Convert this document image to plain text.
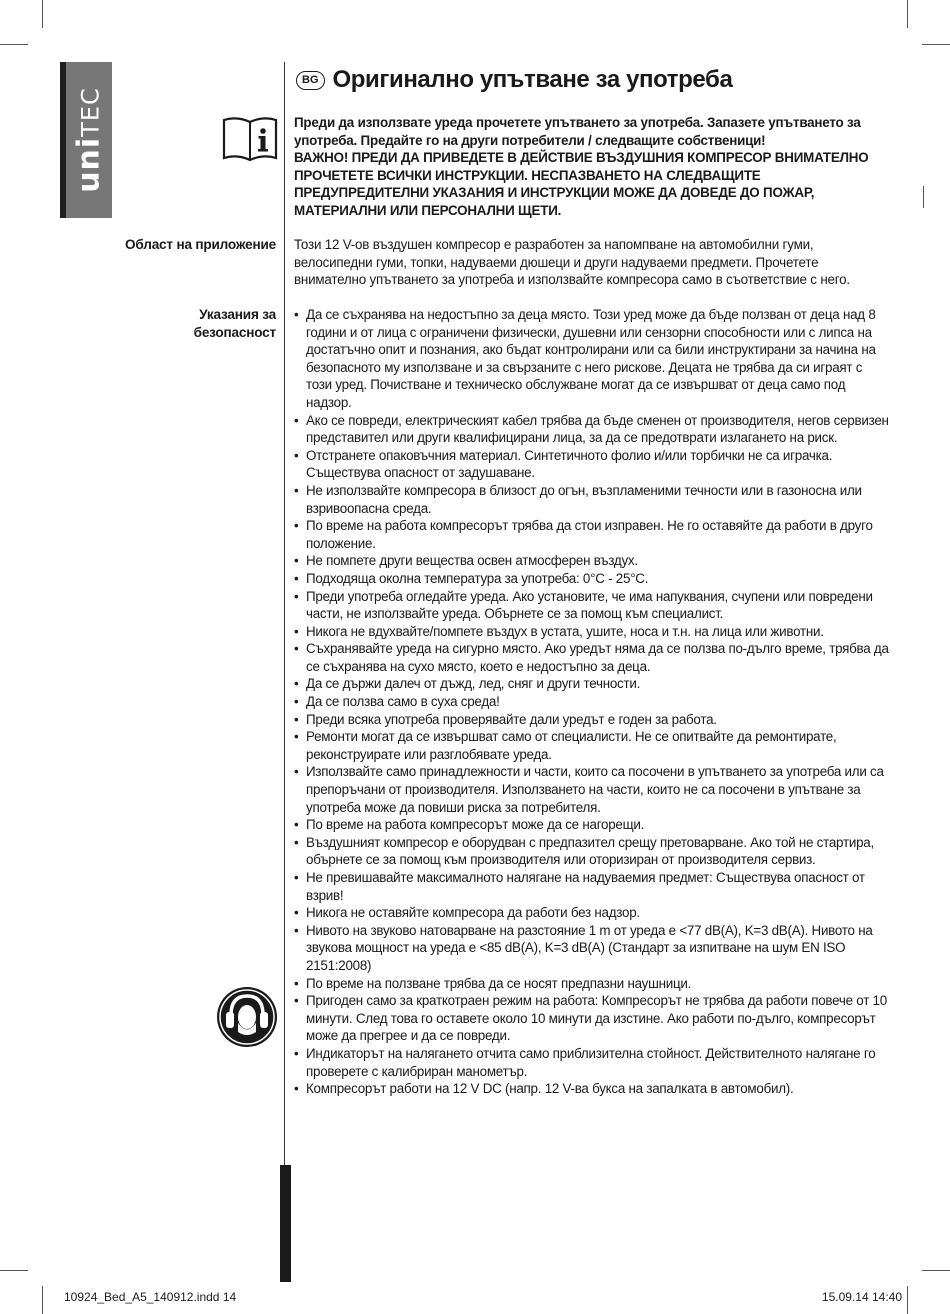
uniTEC
BG Оригинално упътване за употреба

Преди да използвате уреда прочетете упътването за употреба. Запазете упътването за употреба. Предайте го на други потребители / следващите собственици!

ВАЖНО! ПРЕДИ ДА ПРИВЕДЕТЕ В ДЕЙСТВИЕ ВЪЗДУШНИЯ КОМПРЕСОР ВНИМАТЕЛНО ПРОЧЕТЕТЕ ВСИЧКИ ИНСТРУКЦИИ. НЕСПАЗВАНЕТО НА СЛЕДВАЩИТЕ ПРЕДУПРЕДИТЕЛНИ УКАЗАНИЯ И ИНСТРУКЦИИ МОЖЕ ДА ДОВЕДЕ ДО ПОЖАР, МАТЕРИАЛНИ ИЛИ ПЕРСОНАЛНИ ЩЕТИ.

Област на приложение Този 12 V-ов въздушен компресор е разработен за напомпване на автомобилни гуми, велосипедни гуми, топки, надуваеми дюшеци и други надуваеми предмети. Прочетете внимателно упътването за употреба и използвайте компресора само в съответствие с него.
Указания за
безопасност
• Да се съхранява на недостъпно за деца място. Този уред може да бъде ползван от деца над 8 години и от лица с ограничени физически, душевни или сензорни способности или с липса на достатъчно опит и познания, ако бъдат контролирани или са били инструктирани за начина на безопасното му използване и за свързаните с него рискове. Децата не трябва да си играят с този уред. Почистване и техническо обслужване могат да се извършват от деца само под надзор.
• Ако се повреди, електрическият кабел трябва да бъде сменен от производителя, негов сервизен представител или други квалифицирани лица, за да се предотврати излагането на риск.
• Отстранете опаковъчния материал. Синтетичното фолио и/или торбички не са играчка. Съществува опасност от задушаване.
• Не използвайте компресора в близост до огън, възпламеними течности или в газоносна или взривоопасна среда.
• По време на работа компресорът трябва да стои изправен. Не го оставяйте да работи в друго положение.
• Не помпете други вещества освен атмосферен въздух.
• Подходяща околна температура за употреба: 0°C - 25°C.
• Преди употреба огледайте уреда. Ако установите, че има напуквания, счупени или повредени части, не използвайте уреда. Обърнете се за помощ към специалист.
• Никога не вдухвайте/помпете въздух в устата, ушите, носа и т.н. на лица или животни.
• Съхранявайте уреда на сигурно място. Ако уредът няма да се ползва по-дълго време, трябва да се съхранява на сухо място, което е недостъпно за деца.
• Да се държи далеч от дъжд, лед, сняг и други течности.
• Да се ползва само в суха среда!
• Преди всяка употреба проверявайте дали уредът е годен за работа.
• Ремонти могат да се извършват само от специалисти. Не се опитвайте да ремонтирате, реконструирате или разглобявате уреда.
• Използвайте само принадлежности и части, които са посочени в упътването за употреба или са препоръчани от производителя. Използването на части, които не са посочени в упътване за употреба може да повиши риска за потребителя.
• По време на работа компресорът може да се нагорещи.
• Въздушният компресор е оборудван с предпазител срещу претоварване. Ако той не стартира, обърнете се за помощ към производителя или оторизиран от производителя сервиз.
• Не превишавайте максималното налягане на надуваемия предмет: Съществува опасност от взрив!
• Никога не оставяйте компресора да работи без надзор.
• Нивото на звуково натоварване на разстояние 1 m от уреда е <77 dB(A), K=3 dB(A). Нивото на звукова мощност на уреда е <85 dB(A), K=3 dB(A) (Стандарт за изпитване на шум EN ISO 2151:2008)
• По време на ползване трябва да се носят предпазни наушници.
• Пригоден само за краткотраен режим на работа: Компресорът не трябва да работи повече от 10 минути. След това го оставете около 10 минути да изстине. Ако работи по-дълго, компресорът може да прегрее и да се повреди.
• Индикаторът на налягането отчита само приблизителна стойност. Действителното налягане го проверете с калибриран манометър.
• Компресорът работи на 12 V DC (напр. 12 V-ва букса на запалката в автомобил).
10924_Bed_A5_140912.indd 14	15.09.14 14:40
